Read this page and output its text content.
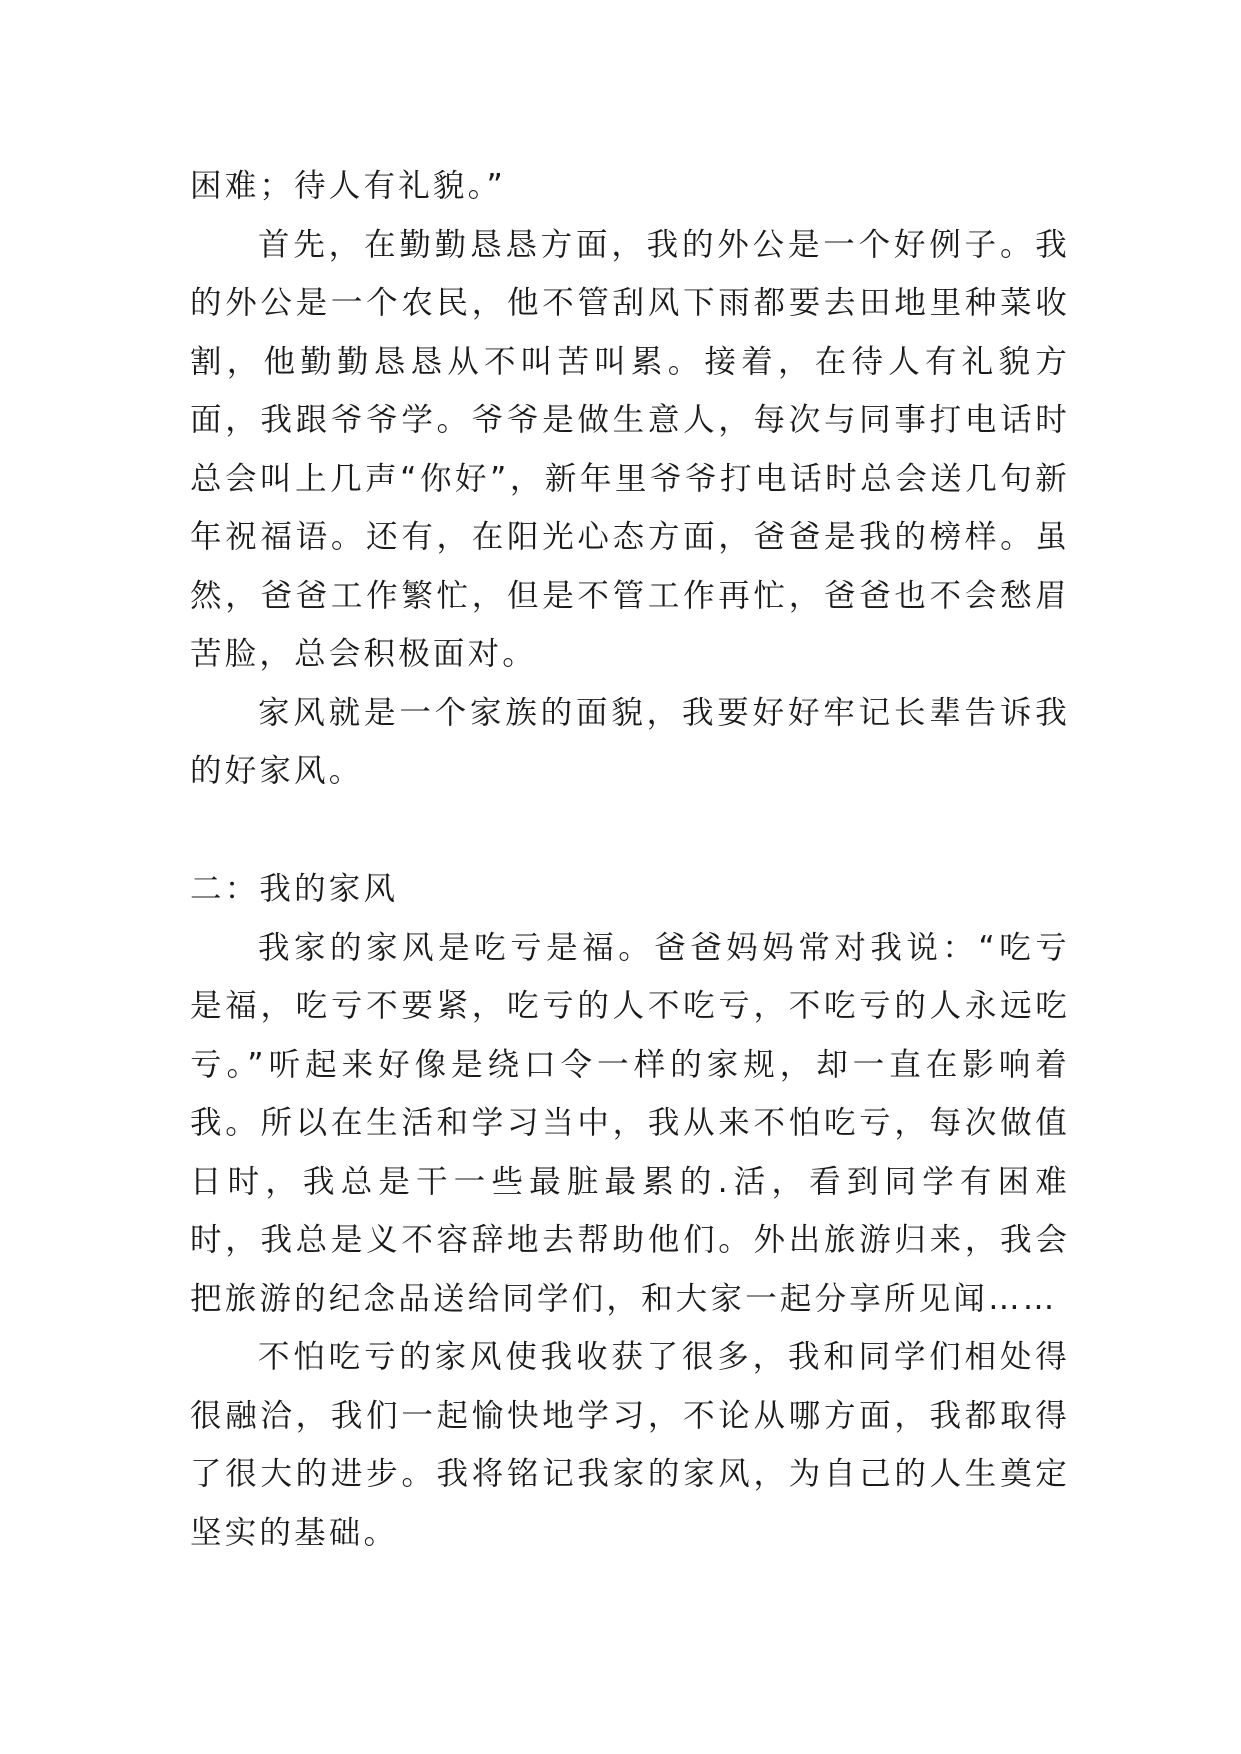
困难；待人有礼貌。”

首先，在勤勤恳恳方面，我的外公是一个好例子。我的外公是一个农民，他不管刮风下雨都要去田地里种菜收割，他勤勤恳恳从不叫苦叫累。接着，在待人有礼貌方面，我跟爷爷学。爷爷是做生意人，每次与同事打电话时总会叫上几声“你好”，新年里爷爷打电话时总会送几句新年祝福语。还有，在阳光心态方面，爸爸是我的榜样。虽然，爸爸工作繁忙，但是不管工作再忙，爸爸也不会愁眉苦脸，总会积极面对。

家风就是一个家族的面貌，我要好好牢记长辈告诉我的好家风。

二：我的家风

我家的家风是吃亏是福。爸爸妈妈常对我说：“吃亏是福，吃亏不要紧，吃亏的人不吃亏，不吃亏的人永远吃亏。”听起来好像是绕口令一样的家规，却一直在影响着我。所以在生活和学习当中，我从来不怕吃亏，每次做值日时，我总是干一些最脏最累的.活，看到同学有困难时，我总是义不容辞地去帮助他们。外出旅游归来，我会把旅游的纪念品送给同学们，和大家一起分享所见闻……

不怕吃亏的家风使我收获了很多，我和同学们相处得很融洽，我们一起愉快地学习，不论从哪方面，我都取得了很大的进步。我将铭记我家的家风，为自己的人生奠定坚实的基础。
